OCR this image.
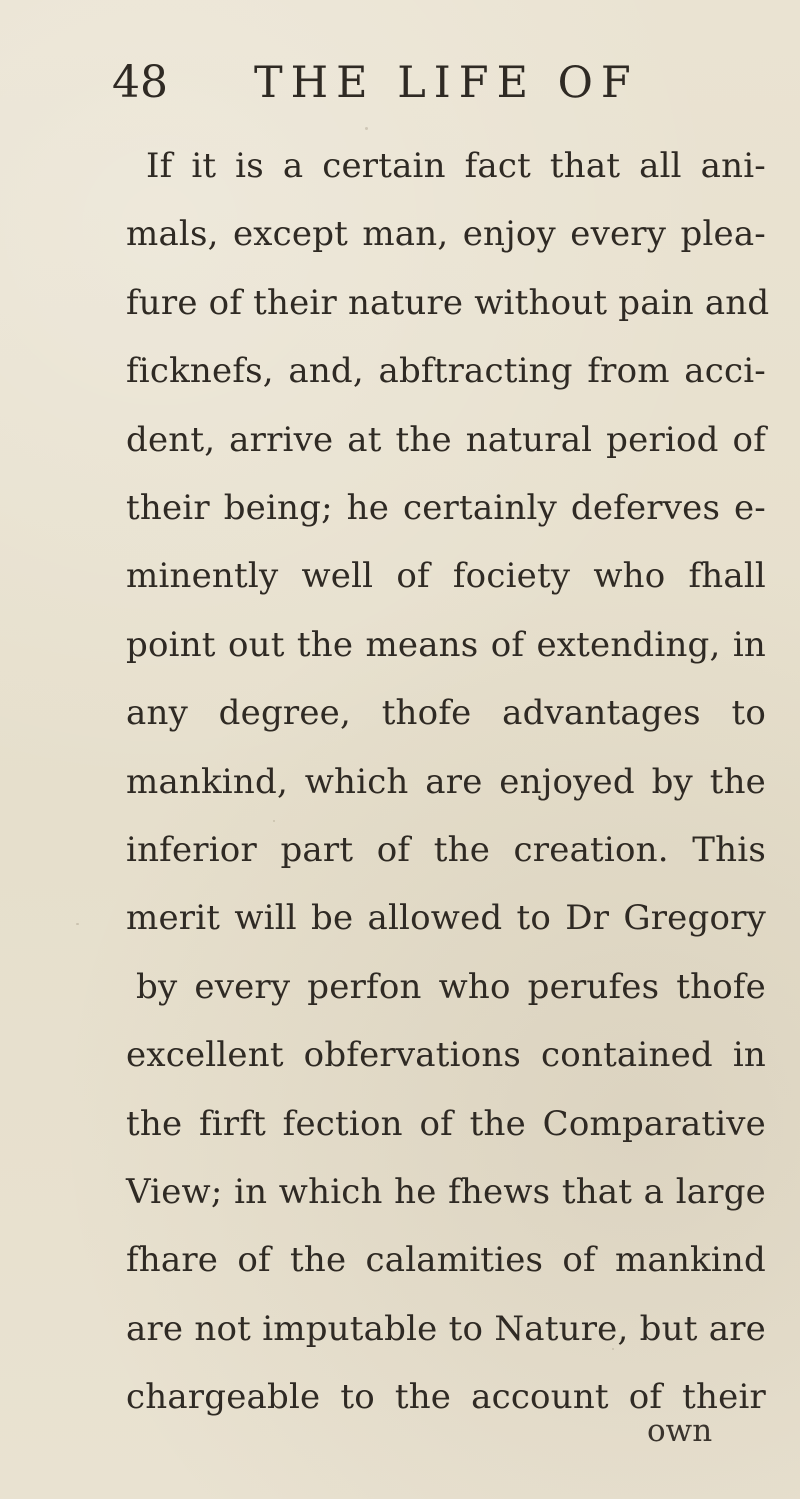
48 THE LIFE OF
If it is a certain fact that all ani-
mals, except man, enjoy every plea-
fure of their nature without pain and
ficknefs, and, abftracting from acci-
dent, arrive at the natural period of
their being; he certainly deferves e-
minently well of fociety who fhall
point out the means of extending, in
any degree, thofe advantages to
mankind, which are enjoyed by the
inferior part of the creation. This
merit will be allowed to Dr Gregory
by every perfon who perufes thofe
excellent obfervations contained in
the firft fection of the Comparative
View; in which he fhews that a large
fhare of the calamities of mankind
are not imputable to Nature, but are
chargeable to the account of their
own
